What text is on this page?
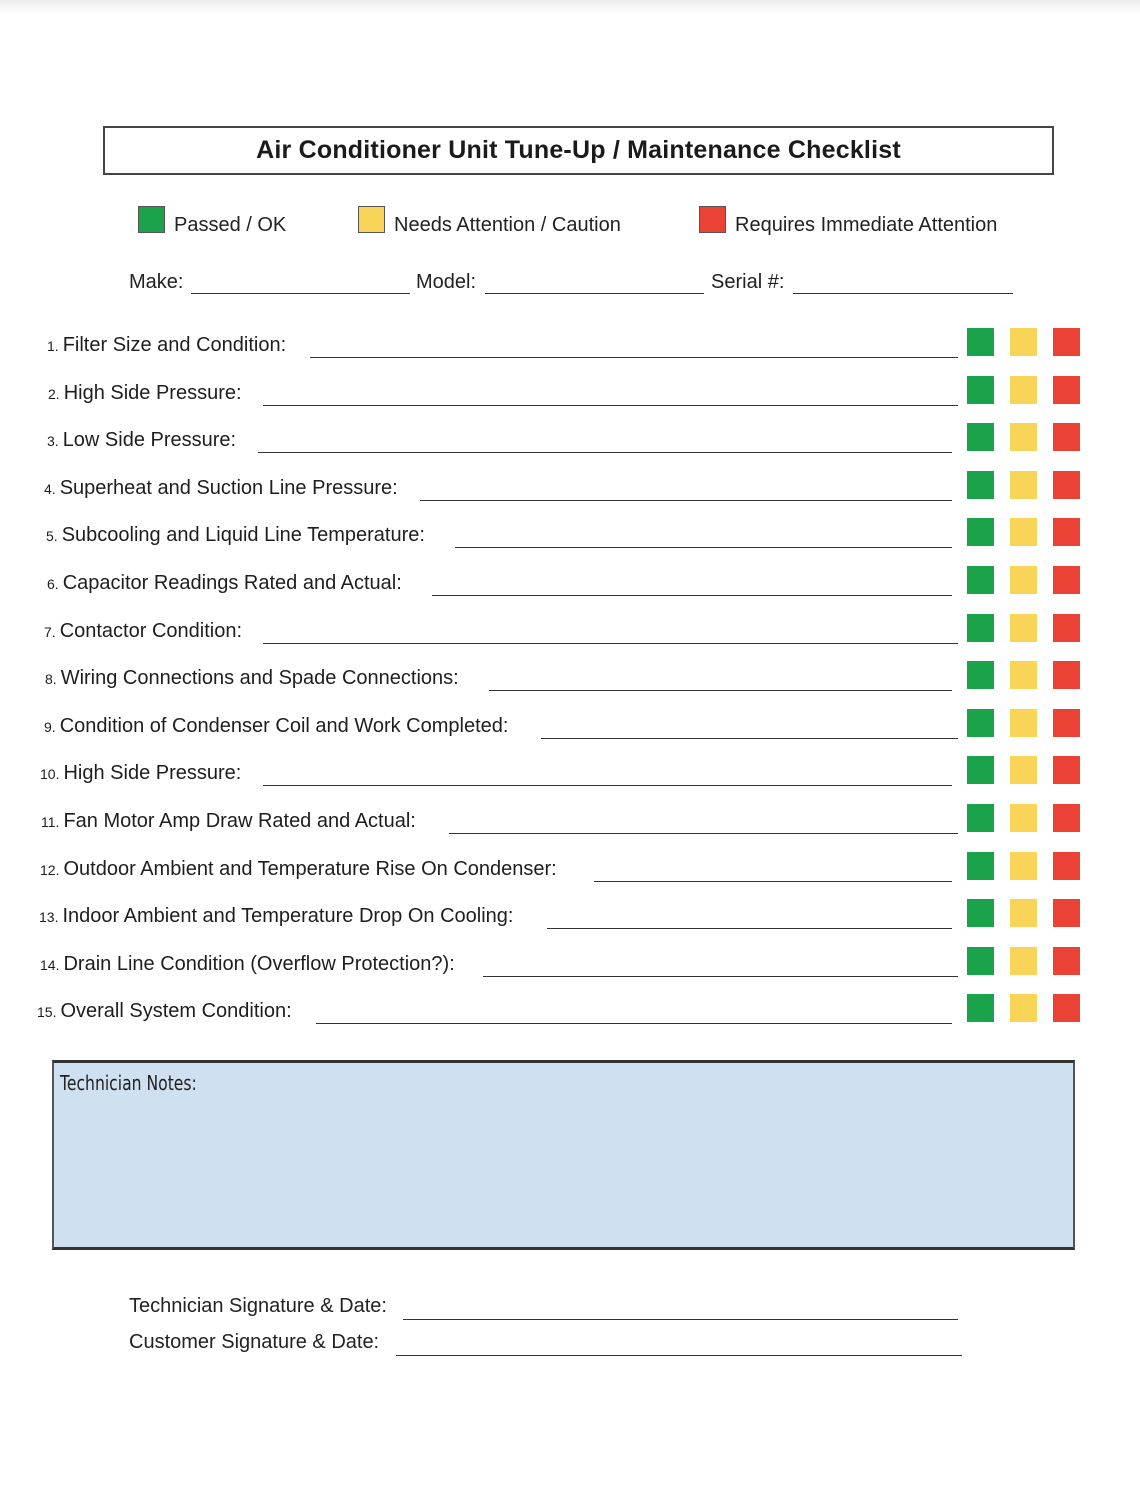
Air Conditioner Unit Tune-Up / Maintenance Checklist
Passed / OK	Needs Attention / Caution	Requires Immediate Attention
Make:	Model:	Serial #:
1. Filter Size and Condition:
2. High Side Pressure:
3. Low Side Pressure:
4. Superheat and Suction Line Pressure:
5. Subcooling and Liquid Line Temperature:
6. Capacitor Readings Rated and Actual:
7. Contactor Condition:
8. Wiring Connections and Spade Connections:
9. Condition of Condenser Coil and Work Completed:
10. High Side Pressure:
11. Fan Motor Amp Draw Rated and Actual:
12. Outdoor Ambient and Temperature Rise On Condenser:
13. Indoor Ambient and Temperature Drop On Cooling:
14. Drain Line Condition (Overflow Protection?):
15. Overall System Condition:
Technician Notes:
Technician Signature & Date:
Customer Signature & Date:
